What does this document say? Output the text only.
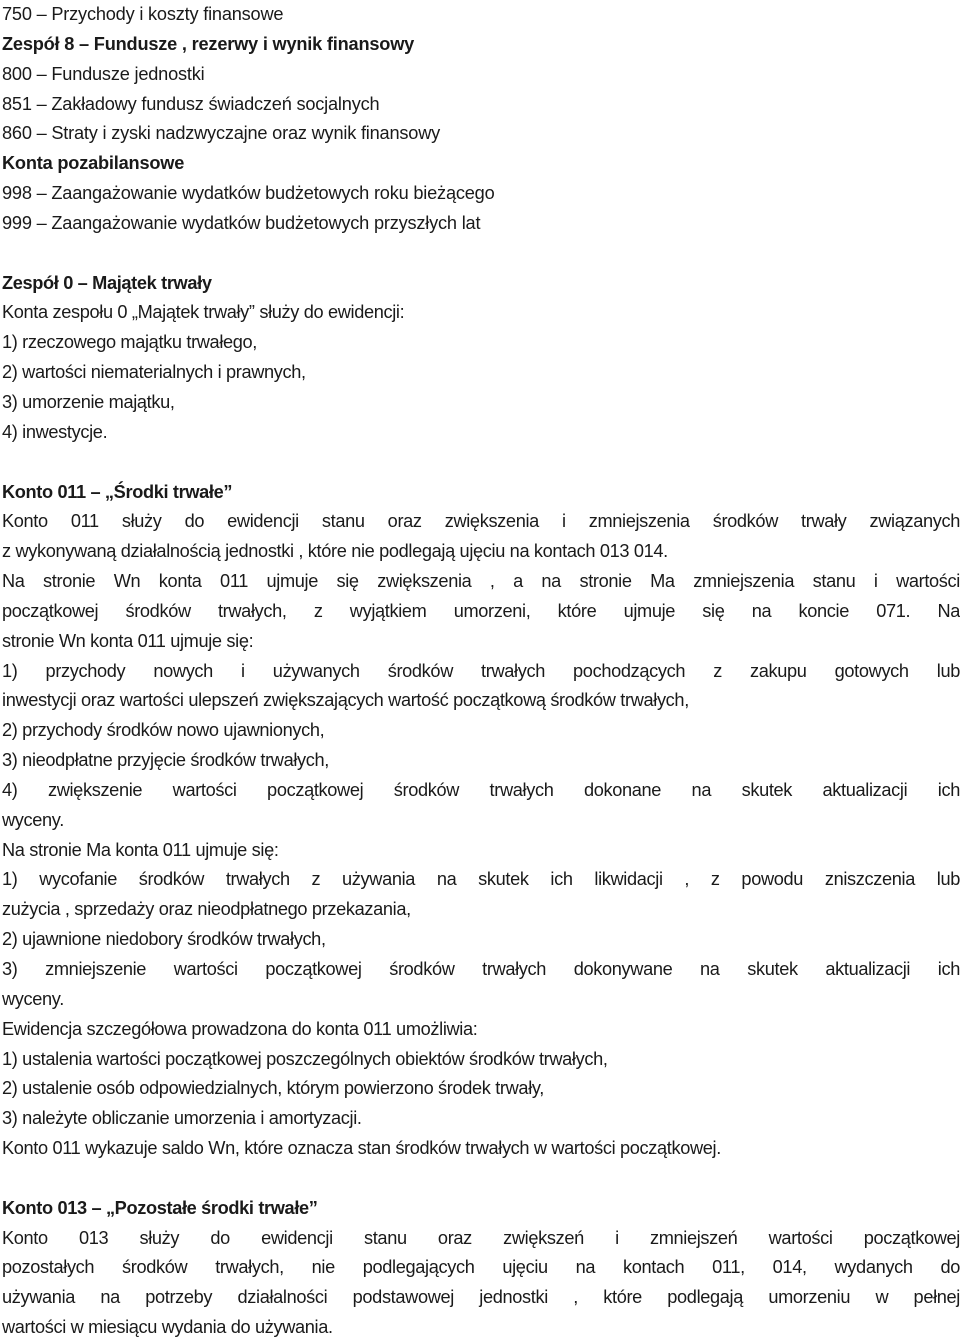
750 – Przychody i koszty finansowe
Zespół 8 – Fundusze , rezerwy i wynik finansowy
800 – Fundusze jednostki
851 – Zakładowy fundusz świadczeń socjalnych
860 – Straty i zyski nadzwyczajne oraz wynik finansowy
Konta pozabilansowe
998 – Zaangażowanie wydatków budżetowych roku bieżącego
999 – Zaangażowanie wydatków budżetowych przyszłych lat
Zespół 0 – Majątek trwały
Konta zespołu 0 „Majątek trwały” służy do ewidencji:
1) rzeczowego majątku trwałego,
2) wartości niematerialnych i prawnych,
3) umorzenie majątku,
4) inwestycje.
Konto 011 – „Środki trwałe”
Konto 011 służy do ewidencji stanu oraz zwiększenia i zmniejszenia środków trwały związanych
z wykonywaną działalnością jednostki , które nie podlegają ujęciu na kontach 013 014.
Na stronie Wn konta 011 ujmuje się zwiększenia , a na stronie Ma zmniejszenia stanu i wartości
początkowej środków trwałych, z wyjątkiem umorzeni, które ujmuje się na koncie 071. Na
stronie Wn konta 011 ujmuje się:
1) przychody nowych i używanych środków trwałych pochodzących z zakupu gotowych lub
inwestycji oraz wartości ulepszeń zwiększających wartość początkową środków trwałych,
2) przychody środków nowo ujawnionych,
3) nieodpłatne przyjęcie środków trwałych,
4) zwiększenie wartości początkowej środków trwałych dokonane na skutek aktualizacji ich
wyceny.
Na stronie Ma konta 011 ujmuje się:
1) wycofanie środków trwałych z używania na skutek ich likwidacji , z powodu zniszczenia lub
zużycia , sprzedaży oraz nieodpłatnego przekazania,
2) ujawnione niedobory środków trwałych,
3) zmniejszenie wartości początkowej środków trwałych dokonywane na skutek aktualizacji ich
wyceny.
Ewidencja szczegółowa prowadzona do konta 011 umożliwia:
1) ustalenia wartości początkowej poszczególnych obiektów środków trwałych,
2) ustalenie osób odpowiedzialnych, którym powierzono środek trwały,
3) należyte obliczanie umorzenia i amortyzacji.
Konto 011 wykazuje saldo Wn, które oznacza stan środków trwałych w wartości początkowej.
Konto 013 – „Pozostałe środki trwałe”
Konto 013 służy do ewidencji stanu oraz zwiększeń i zmniejszeń wartości początkowej
pozostałych środków trwałych, nie podlegających ujęciu na kontach 011, 014, wydanych do
używania na potrzeby działalności podstawowej jednostki , które podlegają umorzeniu w pełnej
wartości w miesiącu wydania do używania.
